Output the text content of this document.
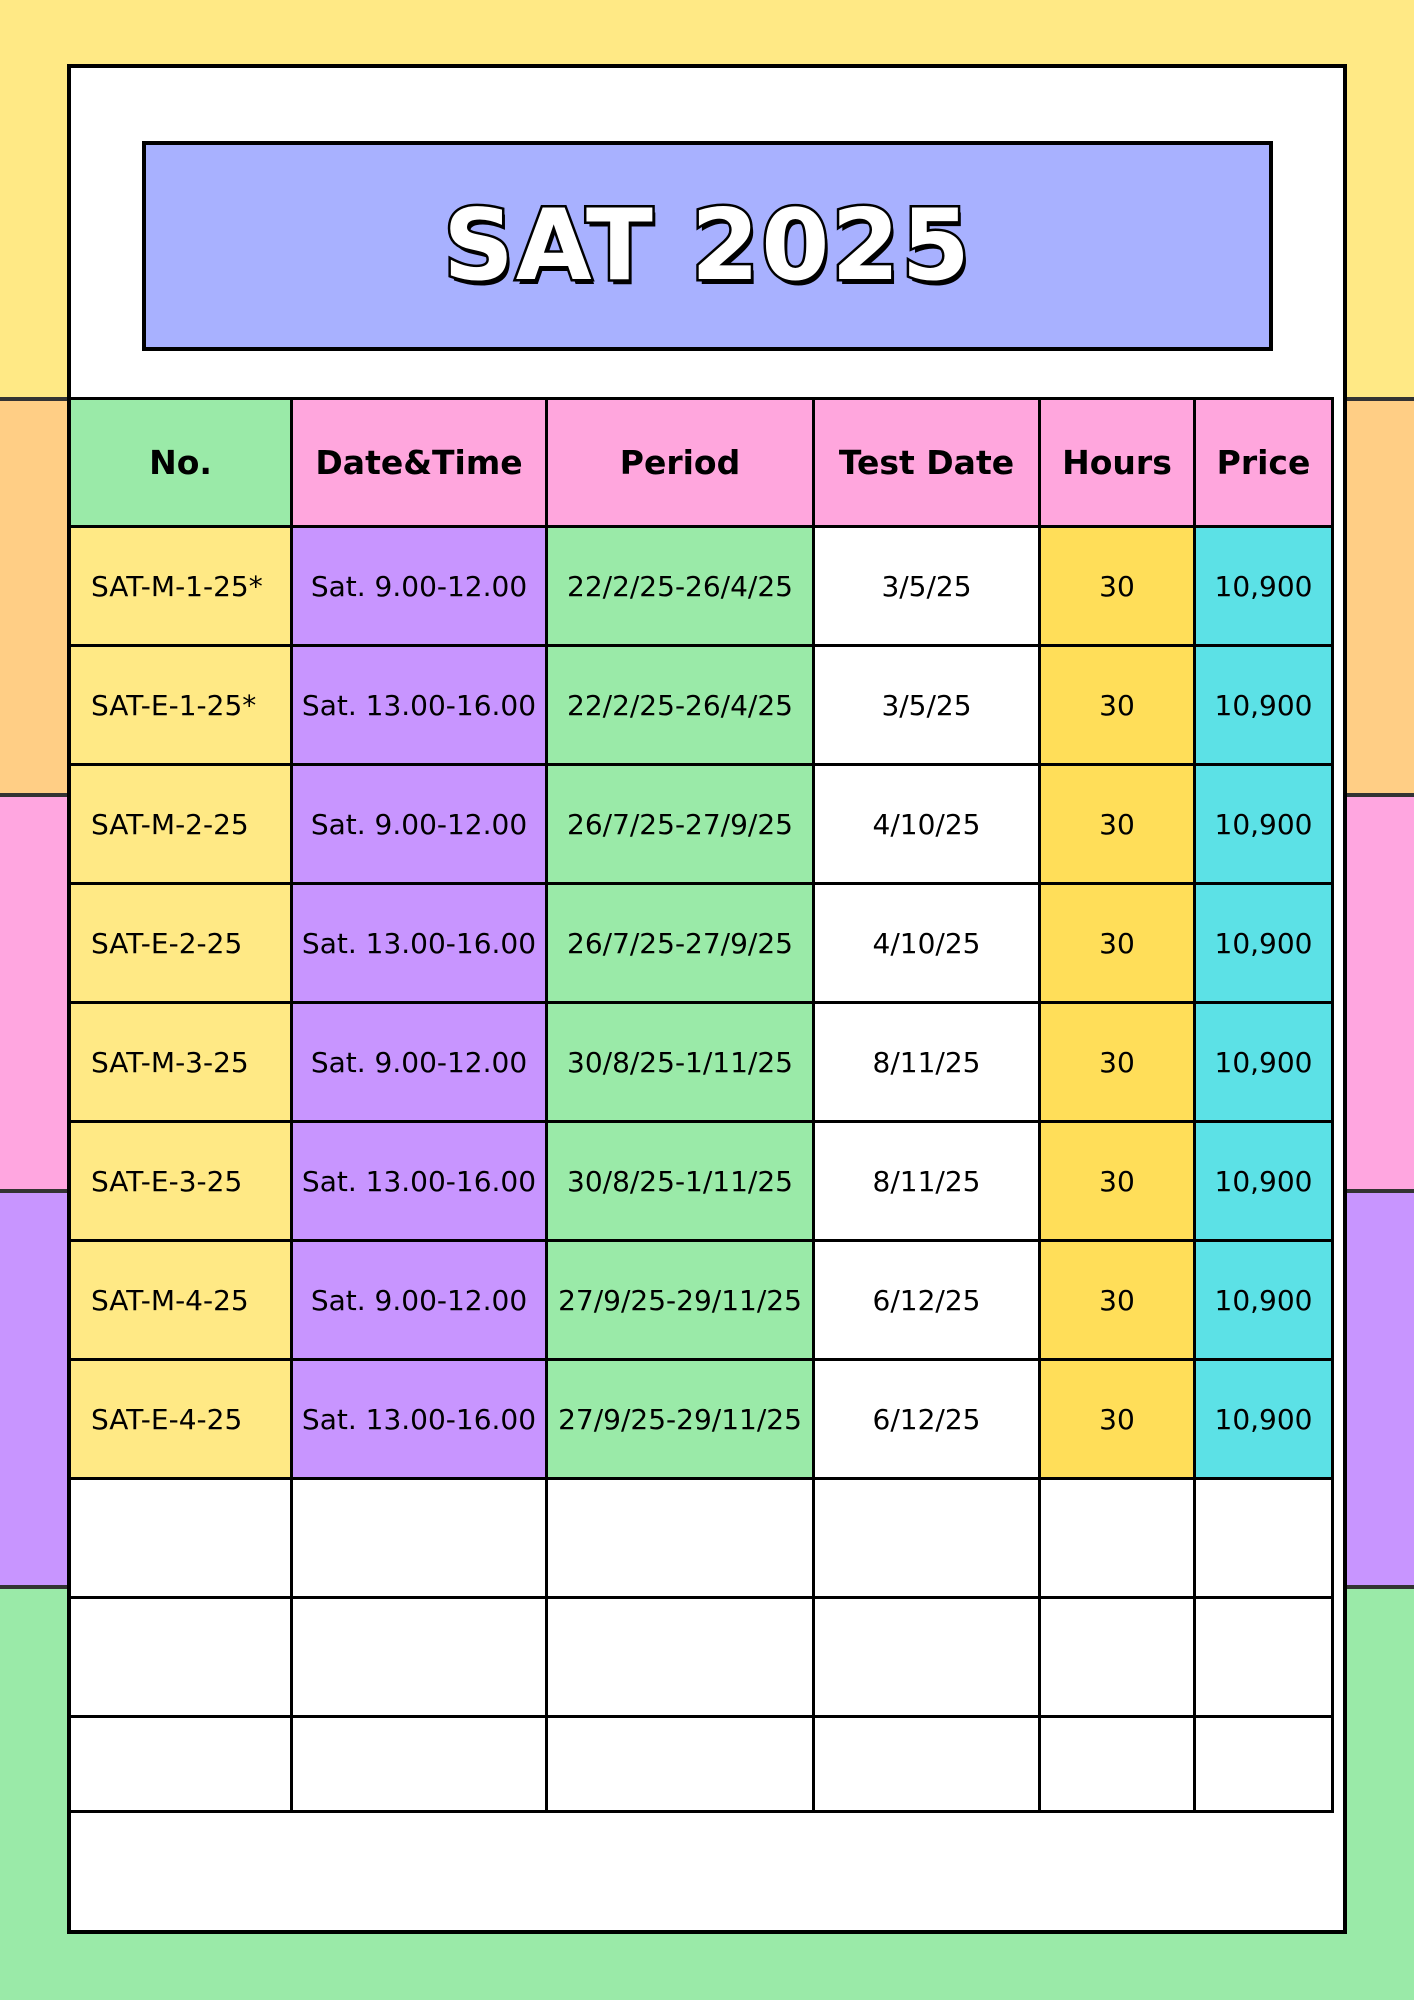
SAT 2025
No.	Date&Time	Period	Test Date	Hours	Price
SAT-M-1-25*	Sat. 9.00-12.00	22/2/25-26/4/25	3/5/25	30	10,900
SAT-E-1-25*	Sat. 13.00-16.00	22/2/25-26/4/25	3/5/25	30	10,900
SAT-M-2-25	Sat. 9.00-12.00	26/7/25-27/9/25	4/10/25	30	10,900
SAT-E-2-25	Sat. 13.00-16.00	26/7/25-27/9/25	4/10/25	30	10,900
SAT-M-3-25	Sat. 9.00-12.00	30/8/25-1/11/25	8/11/25	30	10,900
SAT-E-3-25	Sat. 13.00-16.00	30/8/25-1/11/25	8/11/25	30	10,900
SAT-M-4-25	Sat. 9.00-12.00	27/9/25-29/11/25	6/12/25	30	10,900
SAT-E-4-25	Sat. 13.00-16.00	27/9/25-29/11/25	6/12/25	30	10,900
